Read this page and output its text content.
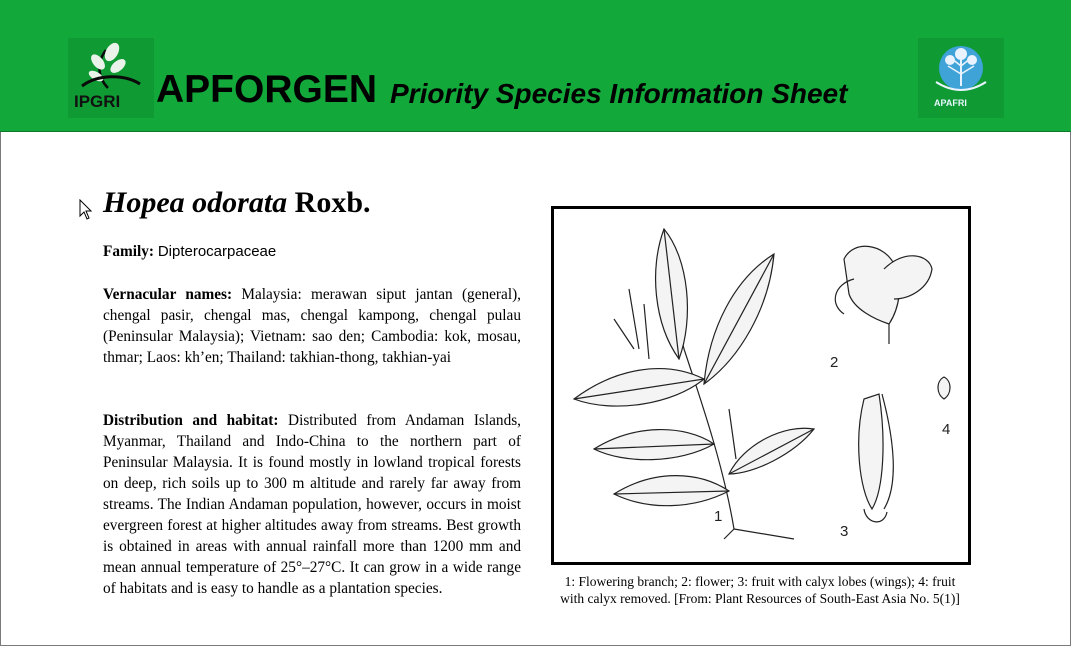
IPGRI APFORGEN Priority Species Information Sheet	APAFRI
Hopea odorata Roxb.
Family: Dipterocarpaceae
Vernacular names: Malaysia: merawan siput jantan (general), chengal pasir, chengal mas, chengal kampong, chengal pulau (Peninsular Malaysia); Vietnam: sao den; Cambodia: kok, mosau, thmar; Laos: kh’en; Thailand: takhian-thong, takhian-yai
Distribution and habitat: Distributed from Andaman Islands, Myanmar, Thailand and Indo-China to the northern part of Peninsular Malaysia. It is found mostly in lowland tropical forests on deep, rich soils up to 300 m altitude and rarely far away from streams. The Indian Andaman population, however, occurs in moist evergreen forest at higher altitudes away from streams. Best growth is obtained in areas with annual rainfall more than 1200 mm and mean annual temperature of 25°–27°C. It can grow in a wide range of habitats and is easy to handle as a plantation species.
1
2
3
4
1: Flowering branch; 2: flower; 3: fruit with calyx lobes (wings); 4: fruit with calyx removed. [From: Plant Resources of South-East Asia No. 5(1)]
